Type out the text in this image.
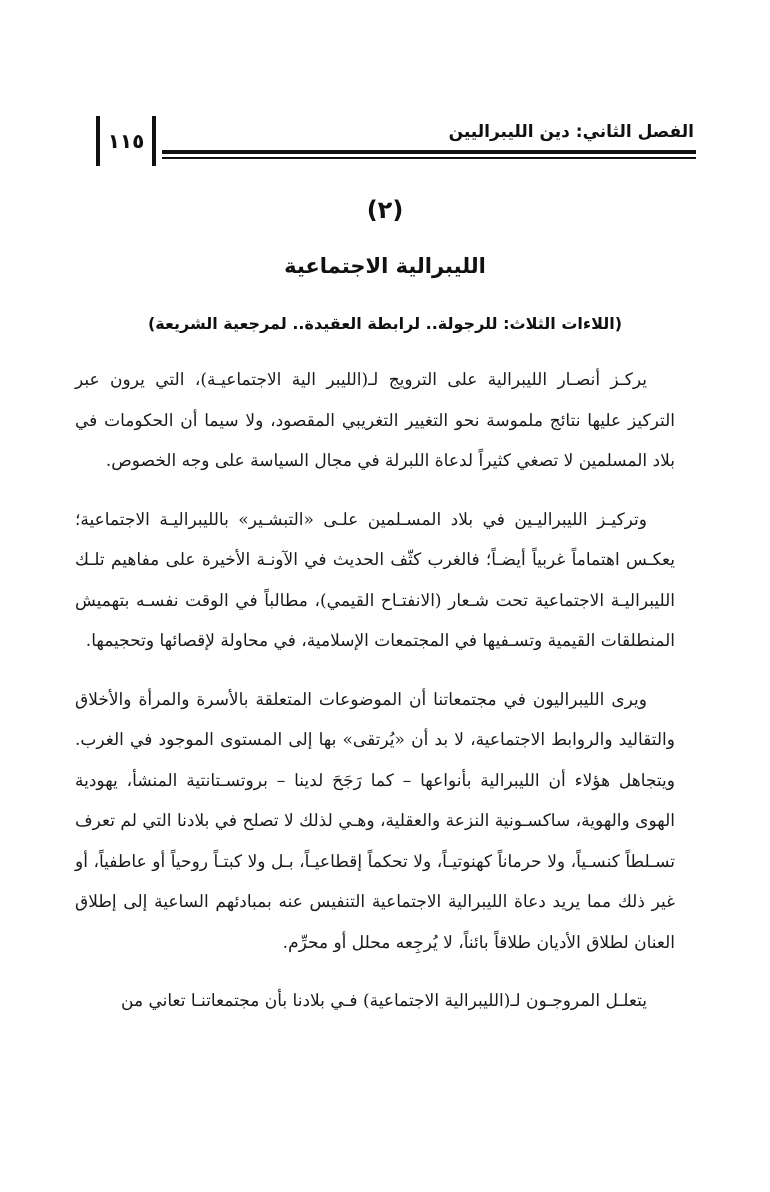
الفصل الثاني: دين الليبراليين
١١٥
(٢)
الليبرالية الاجتماعية
(اللاءات الثلاث: للرجولة.. لرابطة العقيدة.. لمرجعية الشريعة)

يركـز أنصـار الليبرالية على الترويج لـ(الليبر الية الاجتماعيـة)، التي يرون عبر التركيز عليها نتائج ملموسة نحو التغيير التغريبي المقصود، ولا سيما أن الحكومات في بلاد المسلمين لا تصغي كثيراً لدعاة اللبرلة في مجال السياسة على وجه الخصوص.

وتركيـز الليبراليـين في بلاد المسـلمين علـى «التبشـير» بالليبراليـة الاجتماعية؛ يعكـس اهتماماً غربياً أيضـاً؛ فالغرب كثّف الحديث في الآونـة الأخيرة على مفاهيم تلـك الليبراليـة الاجتماعية تحت شـعار (الانفتـاح القيمي)، مطالباً في الوقت نفسـه بتهميش المنطلقات القيمية وتسـفيها في المجتمعات الإسلامية، في محاولة لإقصائها وتحجيمها.

ويرى الليبراليون في مجتمعاتنا أن الموضوعات المتعلقة بالأسرة والمرأة والأخلاق والتقاليد والروابط الاجتماعية، لا بد أن «يُرتقى» بها إلى المستوى الموجود في الغرب. ويتجاهل هؤلاء أن الليبرالية بأنواعها – كما رَجَحَ لدينا – بروتسـتانتية المنشأ، يهودية الهوى والهوية، ساكسـونية النزعة والعقلية، وهـي لذلك لا تصلح في بلادنا التي لم تعرف تسـلطاً كنسـياً، ولا حرماناً كهنوتيـاً، ولا تحكماً إقطاعيـاً، بـل ولا كبتـاً روحياً أو عاطفياً، أو غير ذلك مما يريد دعاة الليبرالية الاجتماعية التنفيس عنه بمبادئهم الساعية إلى إطلاق العنان لطلاق الأديان طلاقاً بائناً، لا يُرجِعه محلل أو محرِّم.

يتعلـل المروجـون لـ(الليبرالية الاجتماعية) فـي بلادنا بأن مجتمعاتنـا تعاني من
